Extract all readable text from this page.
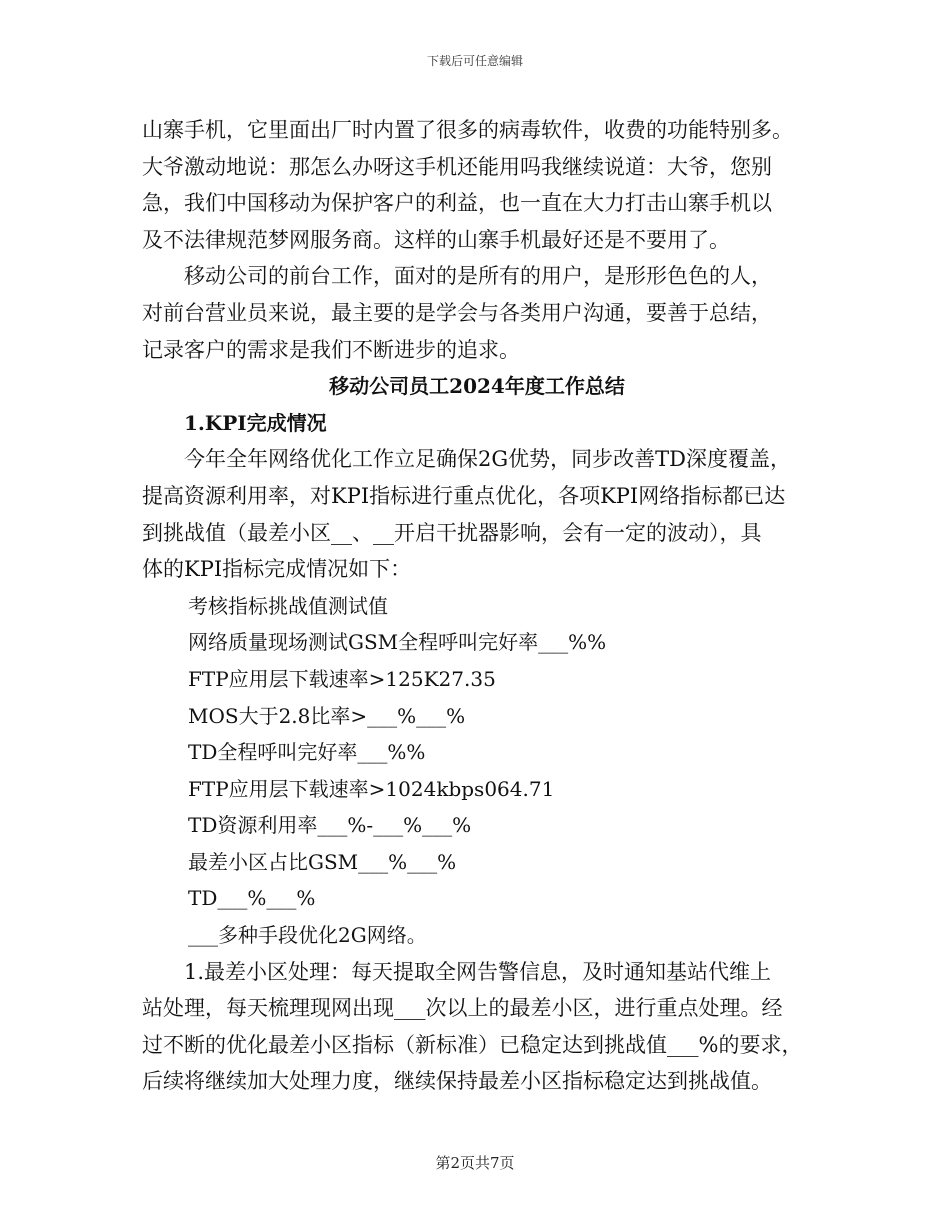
下载后可任意编辑

山寨手机，它里面出厂时内置了很多的病毒软件，收费的功能特别多。
大爷激动地说：那怎么办呀这手机还能用吗我继续说道：大爷，您别
急，我们中国移动为保护客户的利益，也一直在大力打击山寨手机以
及不法律规范梦网服务商。这样的山寨手机最好还是不要用了。

移动公司的前台工作，面对的是所有的用户，是形形色色的人，
对前台营业员来说，最主要的是学会与各类用户沟通，要善于总结，
记录客户的需求是我们不断进步的追求。

移动公司员工2024年度工作总结

1.KPI完成情况

今年全年网络优化工作立足确保2G优势，同步改善TD深度覆盖，
提高资源利用率，对KPI指标进行重点优化，各项KPI网络指标都已达
到挑战值（最差小区__、__开启干扰器影响，会有一定的波动），具
体的KPI指标完成情况如下：

考核指标挑战值测试值

网络质量现场测试GSM全程呼叫完好率___%%

FTP应用层下载速率>125K27.35

MOS大于2.8比率>___%___%

TD全程呼叫完好率___%%

FTP应用层下载速率>1024kbps064.71

TD资源利用率___%-___%___%

最差小区占比GSM___%___%

TD___%___%

___多种手段优化2G网络。

1.最差小区处理：每天提取全网告警信息，及时通知基站代维上
站处理，每天梳理现网出现___次以上的最差小区，进行重点处理。经
过不断的优化最差小区指标（新标准）已稳定达到挑战值___%的要求，
后续将继续加大处理力度，继续保持最差小区指标稳定达到挑战值。

第2页共7页
